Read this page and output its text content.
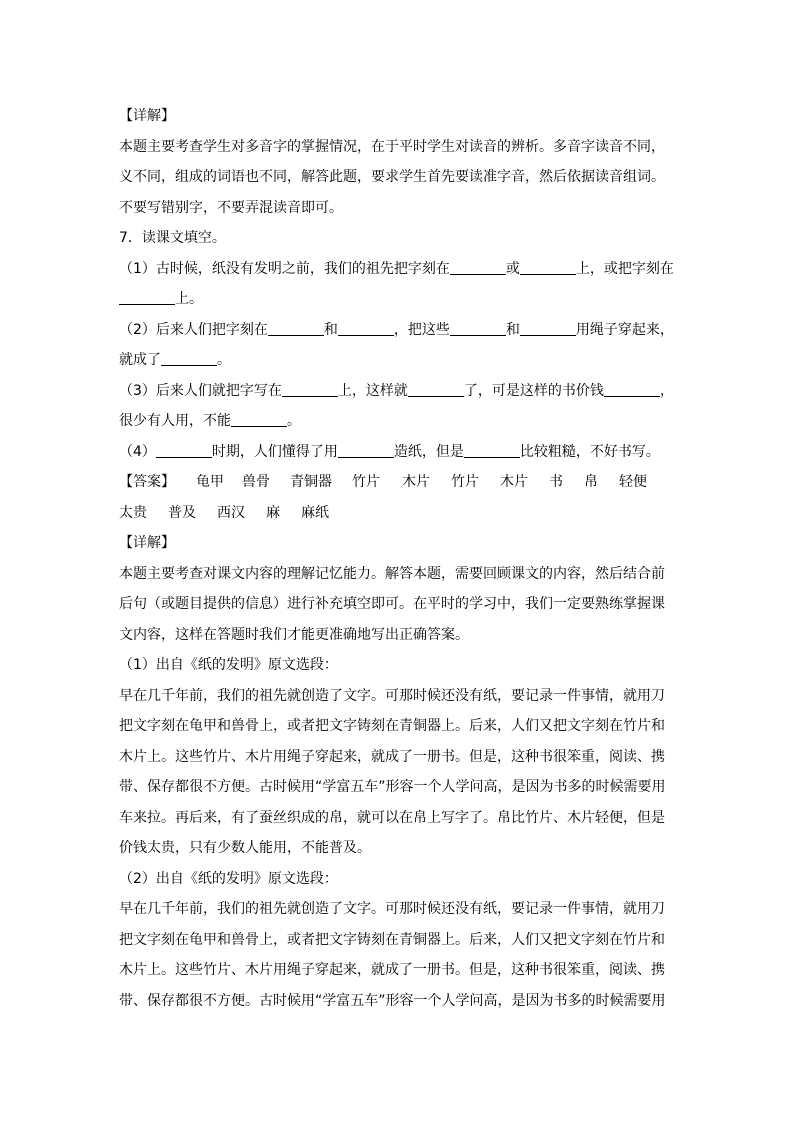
【详解】
本题主要考查学生对多音字的掌握情况，在于平时学生对读音的辨析。多音字读音不同，
义不同，组成的词语也不同，解答此题，要求学生首先要读准字音，然后依据读音组词。
不要写错别字，不要弄混读音即可。
7．读课文填空。
（1）古时候，纸没有发明之前，我们的祖先把字刻在	或	上，或把字刻在
上。
（2）后来人们把字刻在	和	，把这些	和	用绳子穿起来，
就成了	。
（3）后来人们就把字写在	上，这样就	了，可是这样的书价钱	，
很少有人用，不能	。
（4）	时期，人们懂得了用	造纸，但是	比较粗糙，不好书写。
【答案】 龟甲 兽骨 青铜器 竹片 木片 竹片 木片 书 帛 轻便
太贵 普及 西汉 麻 麻纸
【详解】
本题主要考查对课文内容的理解记忆能力。解答本题，需要回顾课文的内容，然后结合前
后句（或题目提供的信息）进行补充填空即可。在平时的学习中，我们一定要熟练掌握课
文内容，这样在答题时我们才能更准确地写出正确答案。
（1）出自《纸的发明》原文选段：
早在几千年前，我们的祖先就创造了文字。可那时候还没有纸，要记录一件事情，就用刀
把文字刻在龟甲和兽骨上，或者把文字铸刻在青铜器上。后来，人们又把文字刻在竹片和
木片上。这些竹片、木片用绳子穿起来，就成了一册书。但是，这种书很笨重，阅读、携
带、保存都很不方便。古时候用“学富五车”形容一个人学问高，是因为书多的时候需要用
车来拉。再后来，有了蚕丝织成的帛，就可以在帛上写字了。帛比竹片、木片轻便，但是
价钱太贵，只有少数人能用，不能普及。
（2）出自《纸的发明》原文选段：
早在几千年前，我们的祖先就创造了文字。可那时候还没有纸，要记录一件事情，就用刀
把文字刻在龟甲和兽骨上，或者把文字铸刻在青铜器上。后来，人们又把文字刻在竹片和
木片上。这些竹片、木片用绳子穿起来，就成了一册书。但是，这种书很笨重，阅读、携
带、保存都很不方便。古时候用“学富五车”形容一个人学问高，是因为书多的时候需要用
